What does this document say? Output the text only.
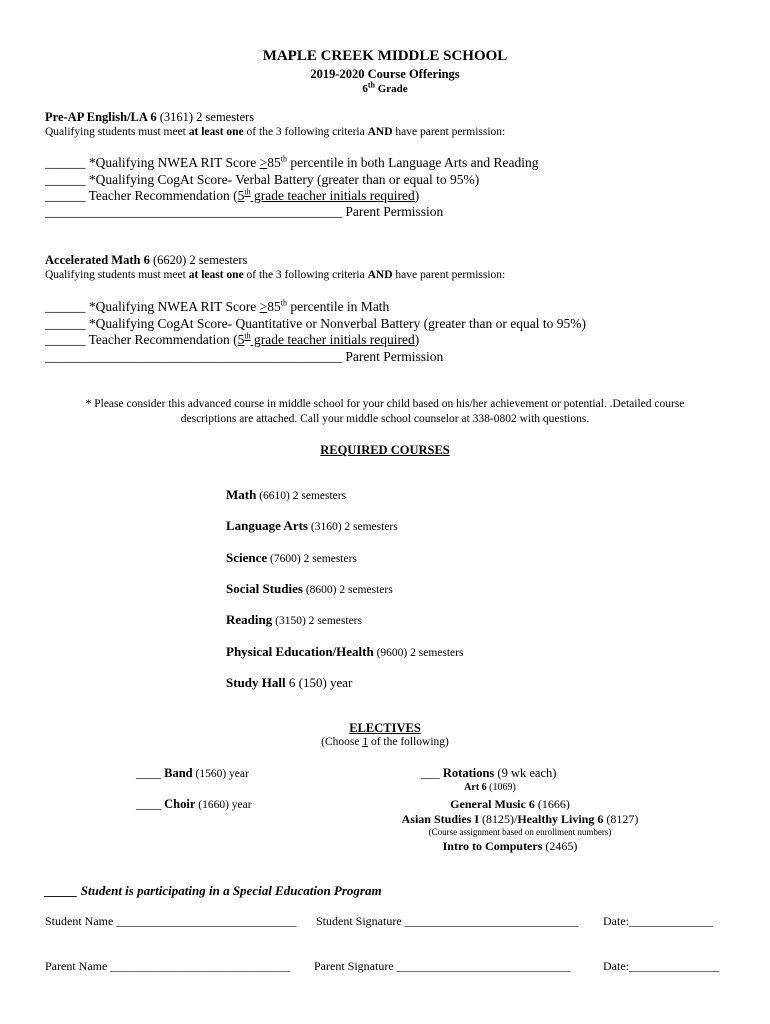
MAPLE CREEK MIDDLE SCHOOL
2019-2020 Course Offerings
6th Grade
Pre-AP English/LA 6 (3161) 2 semesters
Qualifying students must meet at least one of the 3 following criteria AND have parent permission:
______ *Qualifying NWEA RIT Score >85th percentile in both Language Arts and Reading
______ *Qualifying CogAt Score- Verbal Battery (greater than or equal to 95%)
______ Teacher Recommendation (5th grade teacher initials required)
____________________________________________ Parent Permission
Accelerated Math 6 (6620) 2 semesters
Qualifying students must meet at least one of the 3 following criteria AND have parent permission:
______ *Qualifying NWEA RIT Score >85th percentile in Math
______ *Qualifying CogAt Score- Quantitative or Nonverbal Battery (greater than or equal to 95%)
______ Teacher Recommendation (5th grade teacher initials required)
____________________________________________ Parent Permission
* Please consider this advanced course in middle school for your child based on his/her achievement or potential. .Detailed course
descriptions are attached. Call your middle school counselor at 338-0802 with questions.
REQUIRED COURSES
Math (6610) 2 semesters
Language Arts (3160) 2 semesters
Science (7600) 2 semesters
Social Studies (8600) 2 semesters
Reading (3150) 2 semesters
Physical Education/Health (9600) 2 semesters
Study Hall 6 (150) year
ELECTIVES
(Choose 1 of the following)
____ Band (1560) year
____ Choir (1660) year
___ Rotations (9 wk each)
Art 6 (1069)
General Music 6 (1666)
Asian Studies I (8125)/Healthy Living 6 (8127)
(Course assignment based on enrollment numbers)
Intro to Computers (2465)
_____ Student is participating in a Special Education Program
Student Name ______________________________ Student Signature _____________________________ Date:______________
Parent Name ______________________________ Parent Signature _____________________________	Date:_______________
